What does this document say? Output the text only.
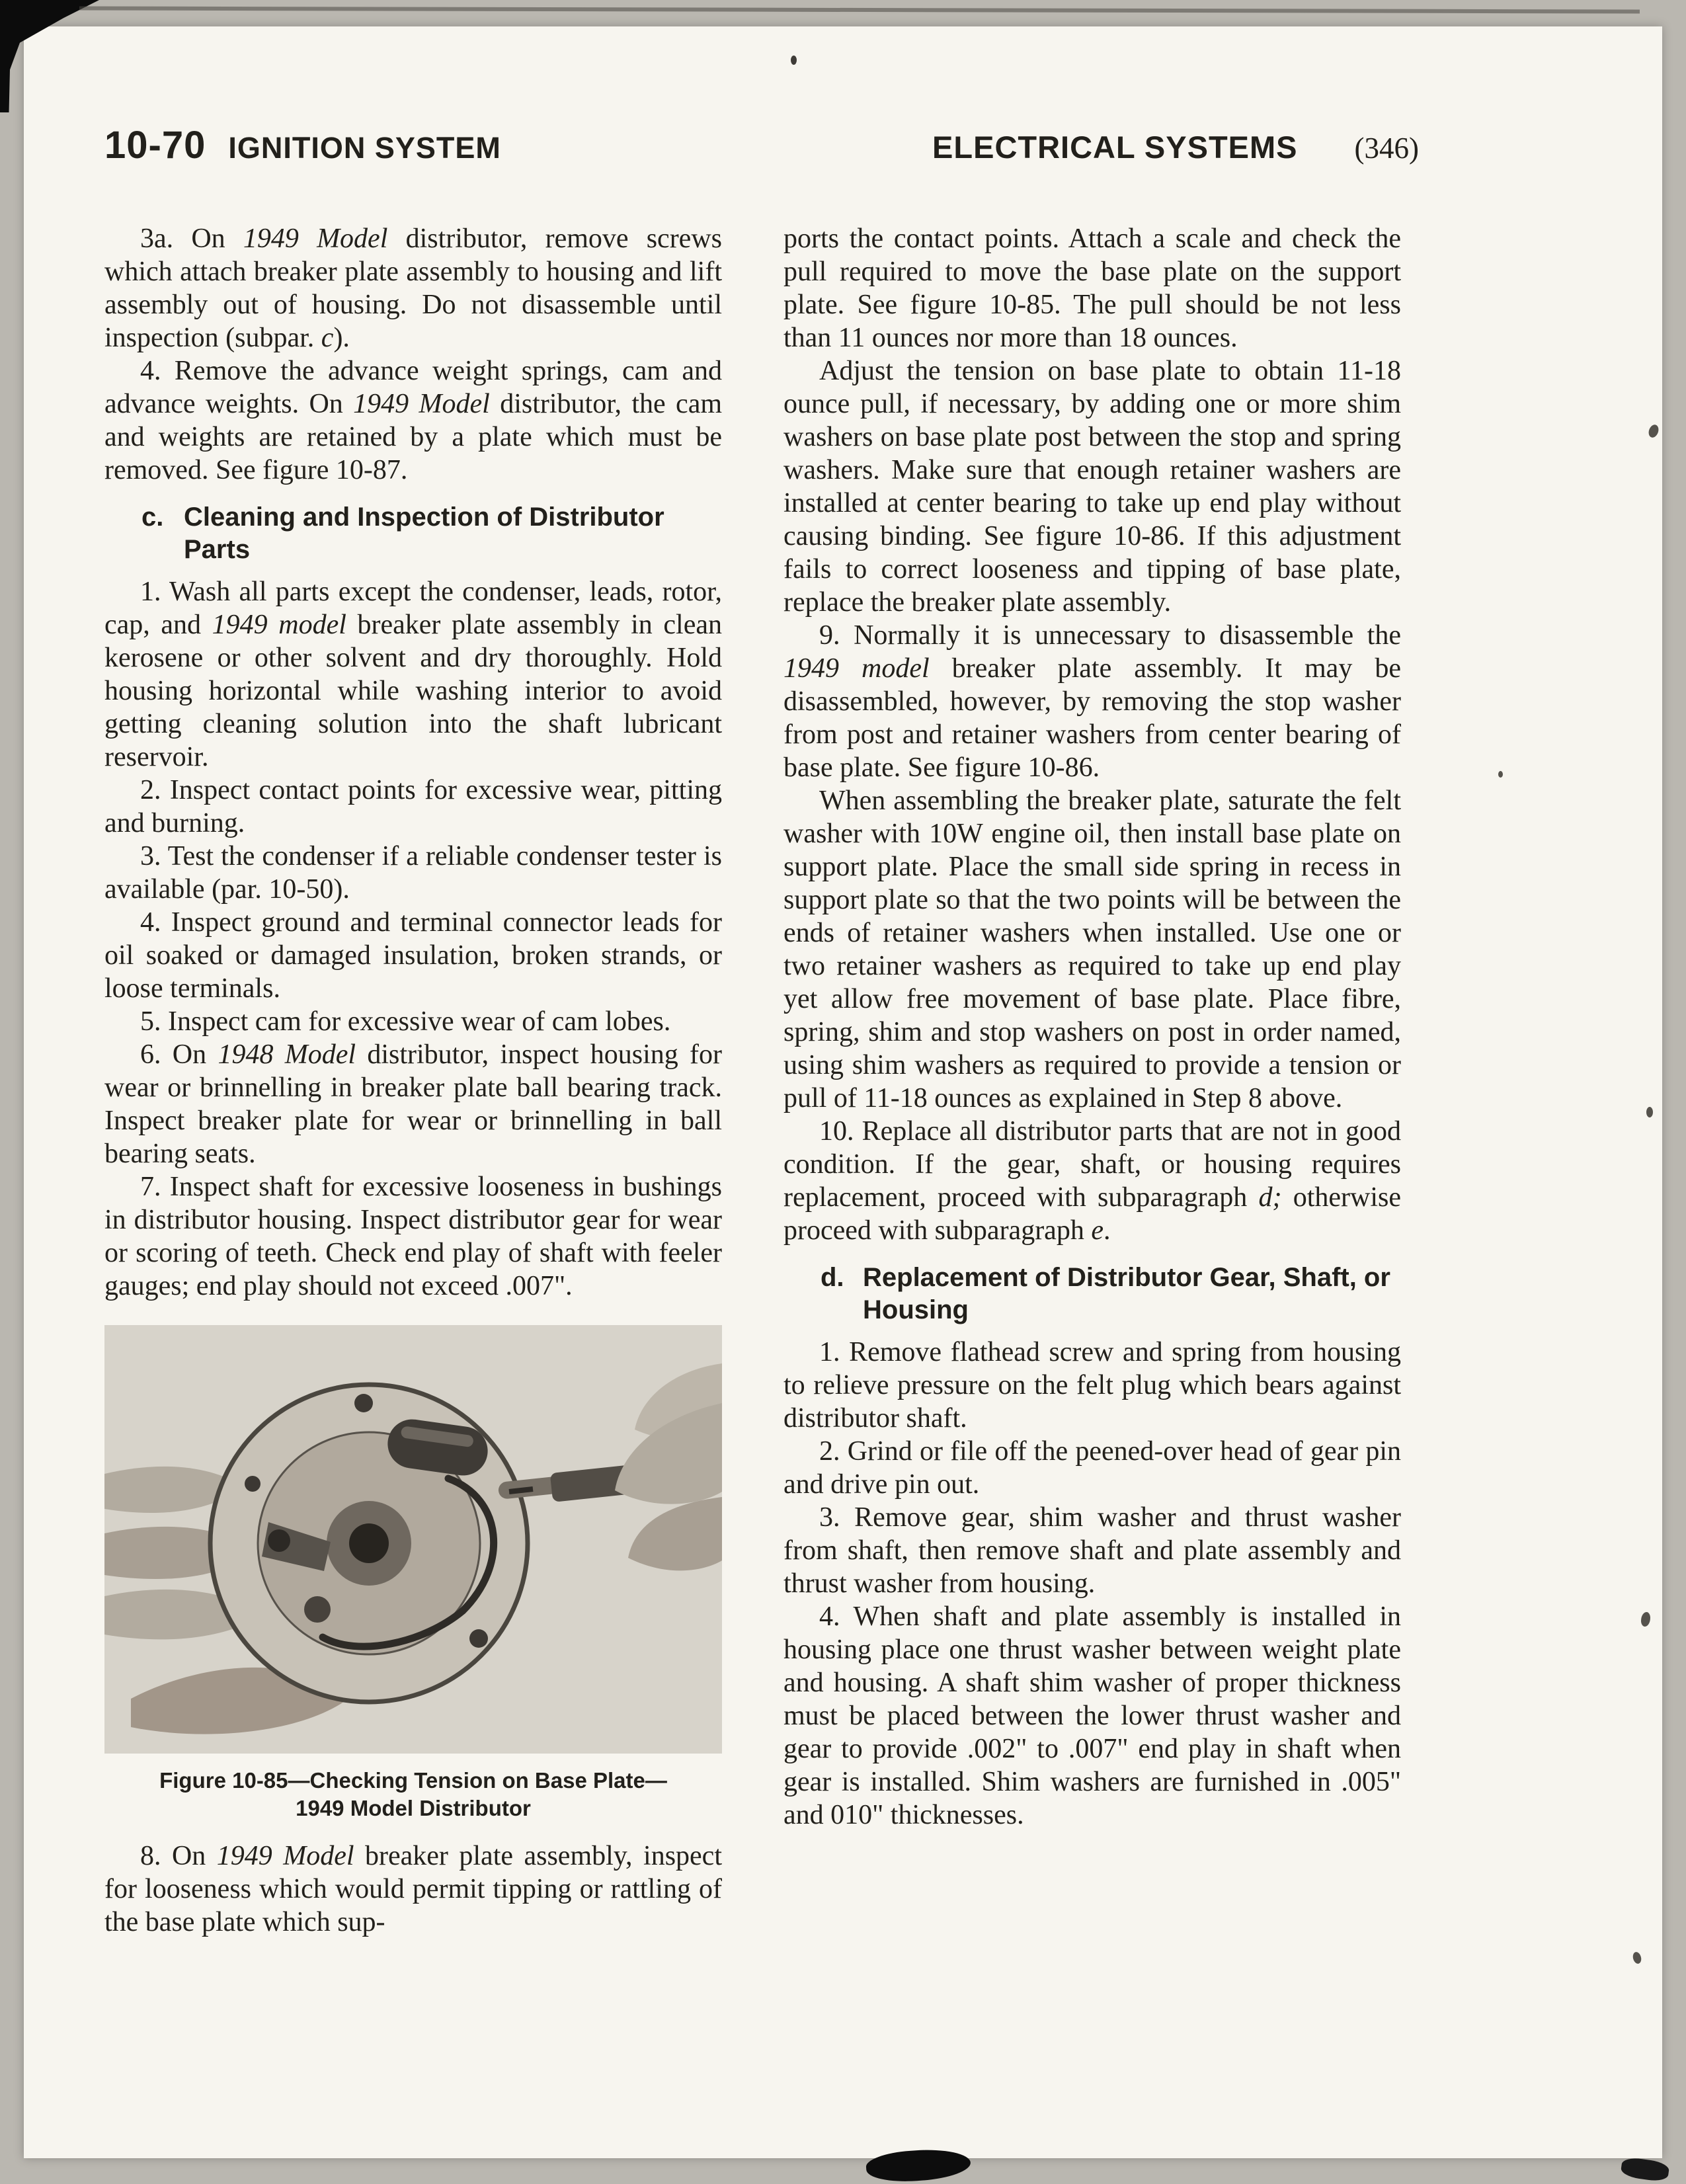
10-70 IGNITION SYSTEM	ELECTRICAL SYSTEMS (346)

3a. On 1949 Model distributor, remove screws which attach breaker plate assembly to housing and lift assembly out of housing. Do not disassemble until inspection (subpar. c).

4. Remove the advance weight springs, cam and advance weights. On 1949 Model distributor, the cam and weights are retained by a plate which must be removed. See figure 10-87.

c. Cleaning and Inspection of Distributor Parts

1. Wash all parts except the condenser, leads, rotor, cap, and 1949 model breaker plate assembly in clean kerosene or other solvent and dry thoroughly. Hold housing horizontal while washing interior to avoid getting cleaning solution into the shaft lubricant reservoir.

2. Inspect contact points for excessive wear, pitting and burning.

3. Test the condenser if a reliable condenser tester is available (par. 10-50).

4. Inspect ground and terminal connector leads for oil soaked or damaged insulation, broken strands, or loose terminals.

5. Inspect cam for excessive wear of cam lobes.

6. On 1948 Model distributor, inspect housing for wear or brinnelling in breaker plate ball bearing track. Inspect breaker plate for wear or brinnelling in ball bearing seats.

7. Inspect shaft for excessive looseness in bushings in distributor housing. Inspect distributor gear for wear or scoring of teeth. Check end play of shaft with feeler gauges; end play should not exceed .007".

Figure 10-85—Checking Tension on Base Plate—1949 Model Distributor

8. On 1949 Model breaker plate assembly, inspect for looseness which would permit tipping or rattling of the base plate which sup-

ports the contact points. Attach a scale and check the pull required to move the base plate on the support plate. See figure 10-85. The pull should be not less than 11 ounces nor more than 18 ounces.

Adjust the tension on base plate to obtain 11-18 ounce pull, if necessary, by adding one or more shim washers on base plate post between the stop and spring washers. Make sure that enough retainer washers are installed at center bearing to take up end play without causing binding. See figure 10-86. If this adjustment fails to correct looseness and tipping of base plate, replace the breaker plate assembly.

9. Normally it is unnecessary to disassemble the 1949 model breaker plate assembly. It may be disassembled, however, by removing the stop washer from post and retainer washers from center bearing of base plate. See figure 10-86.

When assembling the breaker plate, saturate the felt washer with 10W engine oil, then install base plate on support plate. Place the small side spring in recess in support plate so that the two points will be between the ends of retainer washers when installed. Use one or two retainer washers as required to take up end play yet allow free movement of base plate. Place fibre, spring, shim and stop washers on post in order named, using shim washers as required to provide a tension or pull of 11-18 ounces as explained in Step 8 above.

10. Replace all distributor parts that are not in good condition. If the gear, shaft, or housing requires replacement, proceed with subparagraph d; otherwise proceed with subparagraph e.

d. Replacement of Distributor Gear, Shaft, or Housing

1. Remove flathead screw and spring from housing to relieve pressure on the felt plug which bears against distributor shaft.

2. Grind or file off the peened-over head of gear pin and drive pin out.

3. Remove gear, shim washer and thrust washer from shaft, then remove shaft and plate assembly and thrust washer from housing.

4. When shaft and plate assembly is installed in housing place one thrust washer between weight plate and housing. A shaft shim washer of proper thickness must be placed between the lower thrust washer and gear to provide .002" to .007" end play in shaft when gear is installed. Shim washers are furnished in .005" and 010" thicknesses.
